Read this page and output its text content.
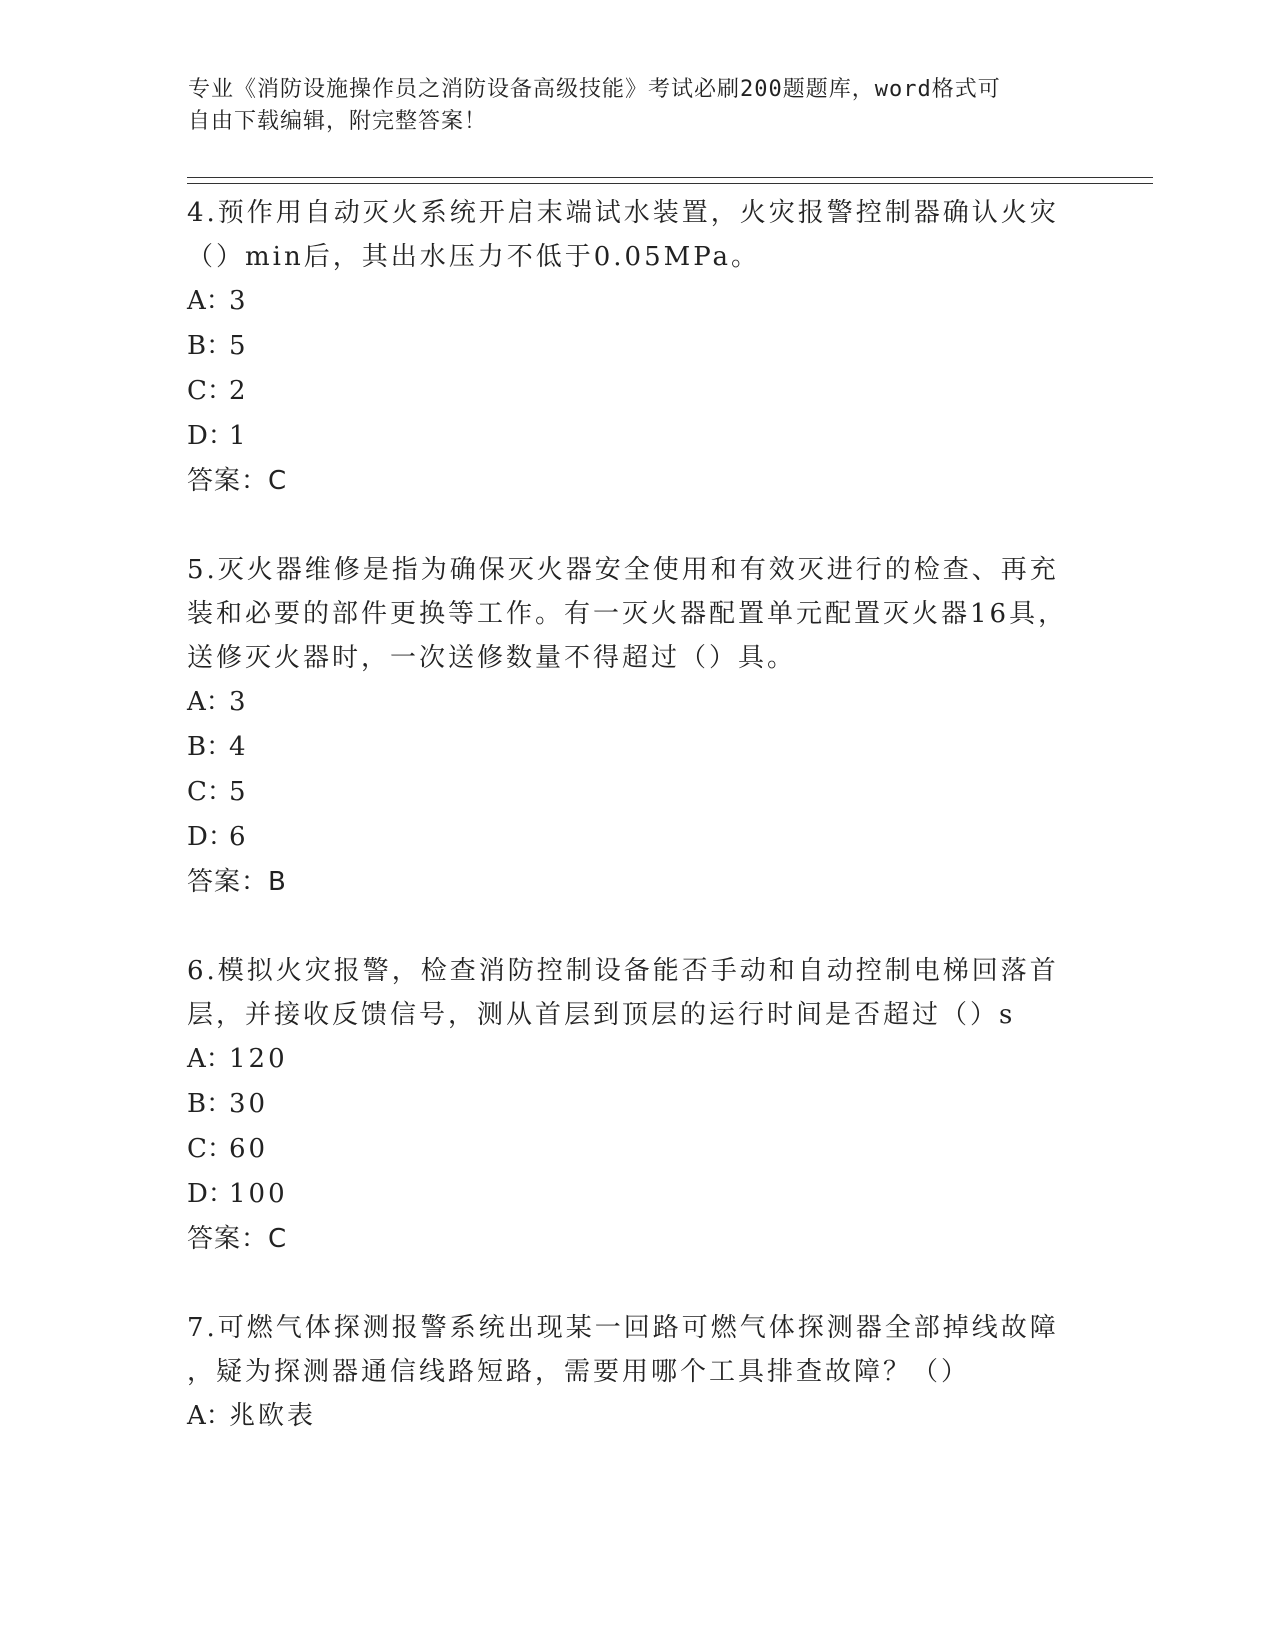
专业《消防设施操作员之消防设备高级技能》考试必刷200题题库，word格式可
自由下载编辑，附完整答案！
4.预作用自动灭火系统开启末端试水装置，火灾报警控制器确认火灾
（）min后，其出水压力不低于0.05MPa。
A：3
B：5
C：2
D：1
答案：C
5.灭火器维修是指为确保灭火器安全使用和有效灭进行的检查、再充
装和必要的部件更换等工作。有一灭火器配置单元配置灭火器16具，
送修灭火器时，一次送修数量不得超过（）具。
A：3
B：4
C：5
D：6
答案：B
6.模拟火灾报警，检查消防控制设备能否手动和自动控制电梯回落首
层，并接收反馈信号，测从首层到顶层的运行时间是否超过（）s
A：120
B：30
C：60
D：100
答案：C
7.可燃气体探测报警系统出现某一回路可燃气体探测器全部掉线故障
，疑为探测器通信线路短路，需要用哪个工具排查故障？（）
A：兆欧表
